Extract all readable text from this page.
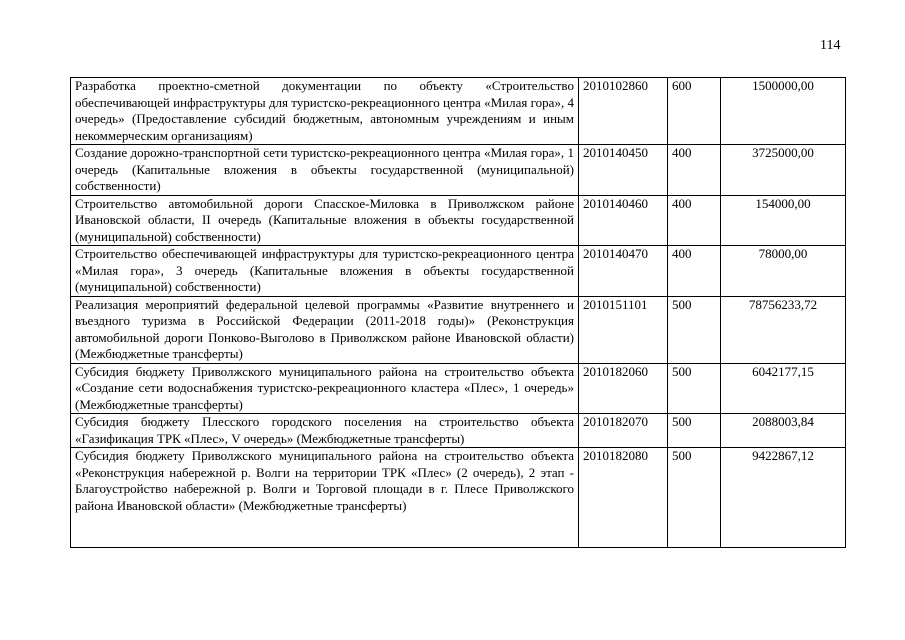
114
Разработка проектно-сметной документации по объекту «Строительство обеспечивающей инфраструктуры для туристско-рекреационного центра «Милая гора», 4 очередь» (Предоставление субсидий бюджетным, автономным учреждениям и иным некоммерческим организациям)	2010102860	600	1500000,00
Создание дорожно-транспортной сети туристско-рекреационного центра «Милая гора», 1 очередь (Капитальные вложения в объекты государственной (муниципальной) собственности)	2010140450	400	3725000,00
Строительство автомобильной дороги Спасское-Миловка в Приволжском районе Ивановской области, II очередь (Капитальные вложения в объекты государственной (муниципальной) собственности)	2010140460	400	154000,00
Строительство обеспечивающей инфраструктуры для туристско-рекреационного центра «Милая гора», 3 очередь (Капитальные вложения в объекты государственной (муниципальной) собственности)	2010140470	400	78000,00
Реализация мероприятий федеральной целевой программы «Развитие внутреннего и въездного туризма в Российской Федерации (2011-2018 годы)» (Реконструкция автомобильной дороги Понково-Выголово в Приволжском районе Ивановской области) (Межбюджетные трансферты)	2010151101	500	78756233,72
Субсидия бюджету Приволжского муниципального района на строительство объекта «Создание сети водоснабжения туристско-рекреационного кластера «Плес», 1 очередь» (Межбюджетные трансферты)	2010182060	500	6042177,15
Субсидия бюджету Плесского городского поселения на строительство объекта «Газификация ТРК «Плес», V очередь» (Межбюджетные трансферты)	2010182070	500	2088003,84
Субсидия бюджету Приволжского муниципального района на строительство объекта «Реконструкция набережной р. Волги на территории ТРК «Плес» (2 очередь), 2 этап - Благоустройство набережной р. Волги и Торговой площади в г. Плесе Приволжского района Ивановской области» (Межбюджетные трансферты)	2010182080	500	9422867,12
